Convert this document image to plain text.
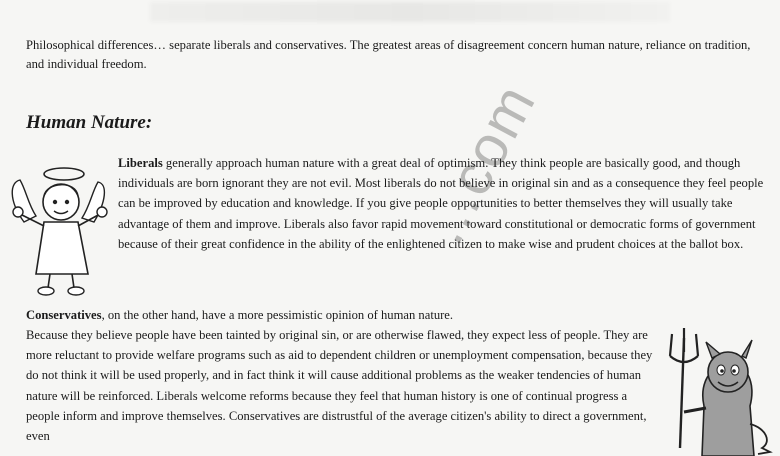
Philosophical differences… separate liberals and conservatives. The greatest areas of disagreement concern human nature, reliance on tradition, and individual freedom.

Human Nature:

Liberals generally approach human nature with a great deal of optimism. They think people are basically good, and though individuals are born ignorant they are not evil. Most liberals do not believe in original sin and as a consequence they feel people can be improved by education and knowledge. If you give people opportunities to better themselves they will usually take advantage of them and improve. Liberals also favor rapid movement toward constitutional or democratic forms of government because of their great confidence in the ability of the enlightened citizen to make wise and prudent choices at the ballot box.

Conservatives, on the other hand, have a more pessimistic opinion of human nature.

Because they believe people have been tainted by original sin, or are otherwise flawed, they expect less of people. They are more reluctant to provide welfare programs such as aid to dependent children or unemployment compensation, because they do not think it will be used properly, and in fact think it will cause additional problems as the weaker tendencies of human nature will be reinforced. Liberals welcome reforms because they feel that human history is one of continual progress a people inform and improve themselves. Conservatives are distrustful of the average citizen's ability to direct a government, even

...com
